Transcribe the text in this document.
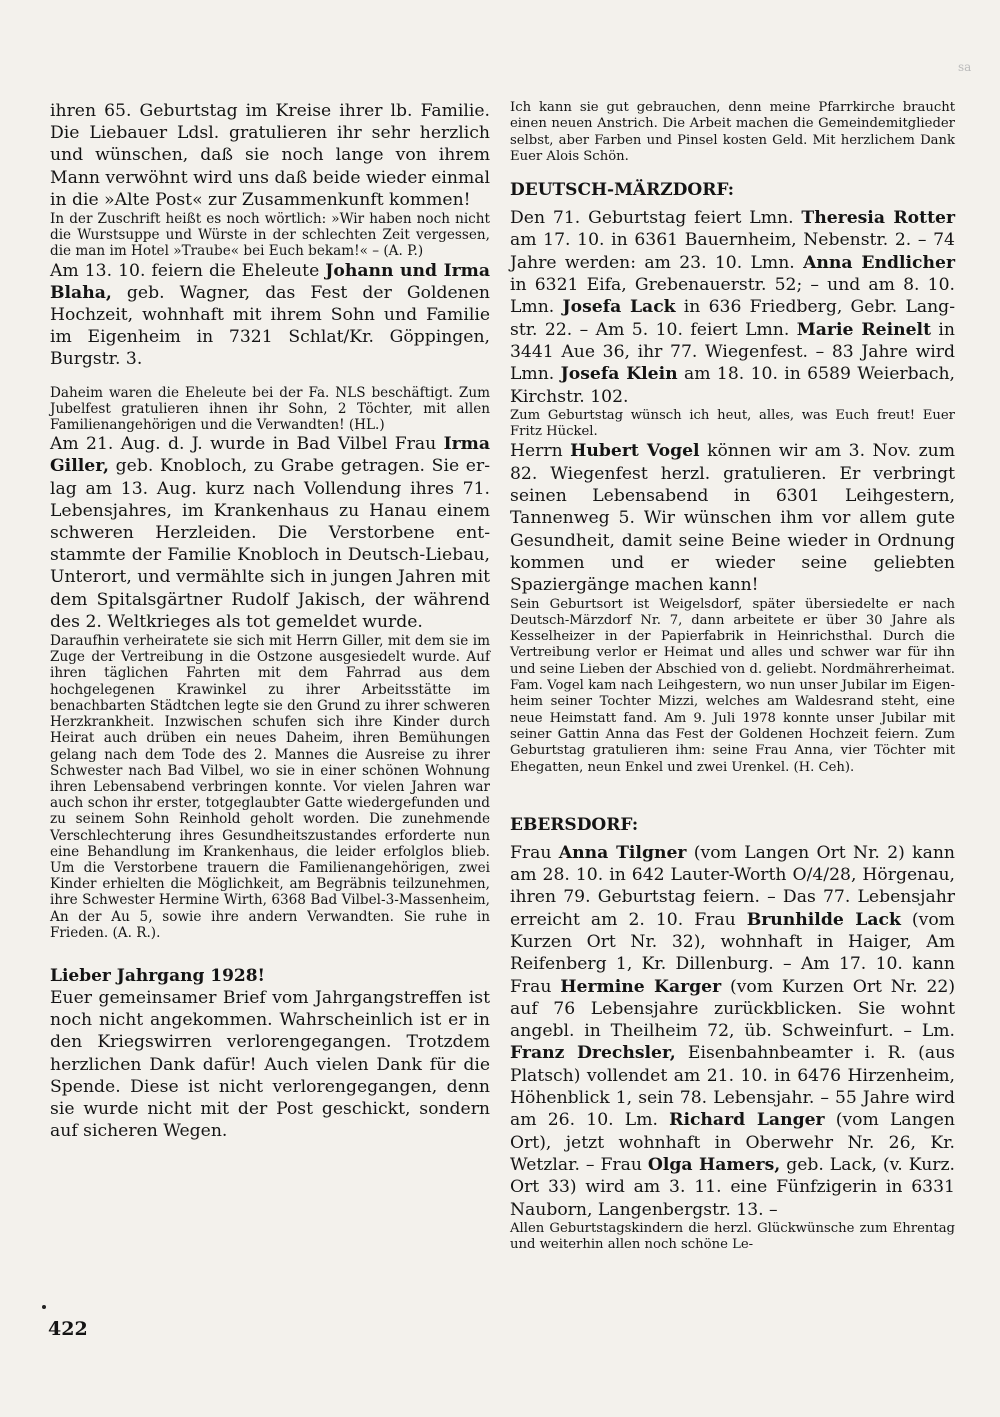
sa

ihren 65. Geburtstag im Kreise ihrer lb. Familie. Die Liebauer Ldsl. gratulieren ihr sehr herzlich und wünschen, daß sie noch lange von ihrem Mann verwöhnt wird uns daß beide wieder einmal in die »Alte Post« zur Zusammenkunft kommen!

In der Zuschrift heißt es noch wörtlich: »Wir haben noch nicht die Wurstsuppe und Würste in der schlechten Zeit vergessen, die man im Hotel »Traube« bei Euch bekam!« – (A. P.)

Am 13. 10. feiern die Eheleute Johann und Irma Blaha, geb. Wagner, das Fest der Goldenen Hochzeit, wohnhaft mit ihrem Sohn und Familie im Eigenheim in 7321 Schlat/Kr. Göppingen, Burgstr. 3.

Daheim waren die Eheleute bei der Fa. NLS beschäftigt. Zum Jubelfest gratulieren ihnen ihr Sohn, 2 Töchter, mit allen Familienangehörigen und die Verwandten! (HL.)

Am 21. Aug. d. J. wurde in Bad Vilbel Frau Irma Giller, geb. Knobloch, zu Grabe getragen. Sie erlag am 13. Aug. kurz nach Vollendung ihres 71. Lebensjahres, im Krankenhaus zu Hanau einem schweren Herzleiden. Die Verstorbene entstammte der Familie Knobloch in Deutsch-Liebau, Unterort, und vermählte sich in jungen Jahren mit dem Spitalsgärtner Rudolf Jakisch, der während des 2. Weltkrieges als tot gemeldet wurde.

Daraufhin verheiratete sie sich mit Herrn Giller, mit dem sie im Zuge der Vertreibung in die Ostzone ausgesiedelt wurde. Auf ihren täglichen Fahrten mit dem Fahrrad aus dem hochgelegenen Krawinkel zu ihrer Arbeitsstätte im benachbarten Städtchen legte sie den Grund zu ihrer schweren Herzkrankheit. Inzwischen schufen sich ihre Kinder durch Heirat auch drüben ein neues Daheim, ihren Bemühungen gelang nach dem Tode des 2. Mannes die Ausreise zu ihrer Schwester nach Bad Vilbel, wo sie in einer schönen Wohnung ihren Lebensabend verbringen konnte. Vor vielen Jahren war auch schon ihr erster, totgeglaubter Gatte wiedergefunden und zu seinem Sohn Reinhold geholt worden. Die zunehmende Verschlechterung ihres Gesundheitszustandes erforderte nun eine Behandlung im Krankenhaus, die leider erfolglos blieb. Um die Verstorbene trauern die Familienangehörigen, zwei Kinder erhielten die Möglichkeit, am Begräbnis teilzunehmen, ihre Schwester Hermine Wirth, 6368 Bad Vilbel-3-Massenheim, An der Au 5, sowie ihre andern Verwandten. Sie ruhe in Frieden. (A. R.).

Lieber Jahrgang 1928!

Euer gemeinsamer Brief vom Jahrgangstreffen ist noch nicht angekommen. Wahrscheinlich ist er in den Kriegswirren verlorengegangen. Trotzdem herzlichen Dank dafür! Auch vielen Dank für die Spende. Diese ist nicht verlorengegangen, denn sie wurde nicht mit der Post geschickt, sondern auf sicheren Wegen.

Ich kann sie gut gebrauchen, denn meine Pfarrkirche braucht einen neuen Anstrich. Die Arbeit machen die Gemeindemitglieder selbst, aber Farben und Pinsel kosten Geld. Mit herzlichem Dank Euer Alois Schön.

DEUTSCH-MÄRZDORF:

Den 71. Geburtstag feiert Lmn. Theresia Rotter am 17. 10. in 6361 Bauernheim, Nebenstr. 2. – 74 Jahre werden: am 23. 10. Lmn. Anna Endlicher in 6321 Eifa, Grebenauerstr. 52; – und am 8. 10. Lmn. Josefa Lack in 636 Friedberg, Gebr. Langstr. 22. – Am 5. 10. feiert Lmn. Marie Reinelt in 3441 Aue 36, ihr 77. Wiegenfest. – 83 Jahre wird Lmn. Josefa Klein am 18. 10. in 6589 Weierbach, Kirchstr. 102.

Zum Geburtstag wünsch ich heut, alles, was Euch freut! Euer Fritz Hückel.

Herrn Hubert Vogel können wir am 3. Nov. zum 82. Wiegenfest herzl. gratulieren. Er verbringt seinen Lebensabend in 6301 Leihgestern, Tannenweg 5. Wir wünschen ihm vor allem gute Gesundheit, damit seine Beine wieder in Ordnung kommen und er wieder seine geliebten Spaziergänge machen kann!

Sein Geburtsort ist Weigelsdorf, später übersiedelte er nach Deutsch-Märzdorf Nr. 7, dann arbeitete er über 30 Jahre als Kesselheizer in der Papierfabrik in Heinrichsthal. Durch die Vertreibung verlor er Heimat und alles und schwer war für ihn und seine Lieben der Abschied von d. geliebt. Nordmährerheimat. Fam. Vogel kam nach Leihgestern, wo nun unser Jubilar im Eigenheim seiner Tochter Mizzi, welches am Waldesrand steht, eine neue Heimstatt fand. Am 9. Juli 1978 konnte unser Jubilar mit seiner Gattin Anna das Fest der Goldenen Hochzeit feiern. Zum Geburtstag gratulieren ihm: seine Frau Anna, vier Töchter mit Ehegatten, neun Enkel und zwei Urenkel. (H. Ceh).

EBERSDORF:

Frau Anna Tilgner (vom Langen Ort Nr. 2) kann am 28. 10. in 642 Lauter-Worth O/4/28, Hörgenau, ihren 79. Geburtstag feiern. – Das 77. Lebensjahr erreicht am 2. 10. Frau Brunhilde Lack (vom Kurzen Ort Nr. 32), wohnhaft in Haiger, Am Reifenberg 1, Kr. Dillenburg. – Am 17. 10. kann Frau Hermine Karger (vom Kurzen Ort Nr. 22) auf 76 Lebensjahre zurückblicken. Sie wohnt angebl. in Theilheim 72, üb. Schweinfurt. – Lm. Franz Drechsler, Eisenbahnbeamter i. R. (aus Platsch) vollendet am 21. 10. in 6476 Hirzenheim, Höhenblick 1, sein 78. Lebensjahr. – 55 Jahre wird am 26. 10. Lm. Richard Langer (vom Langen Ort), jetzt wohnhaft in Oberwehr Nr. 26, Kr. Wetzlar. – Frau Olga Hamers, geb. Lack, (v. Kurz. Ort 33) wird am 3. 11. eine Fünfzigerin in 6331 Nauborn, Langenbergstr. 13. –

Allen Geburtstagskindern die herzl. Glückwünsche zum Ehrentag und weiterhin allen noch schöne Le-

422
